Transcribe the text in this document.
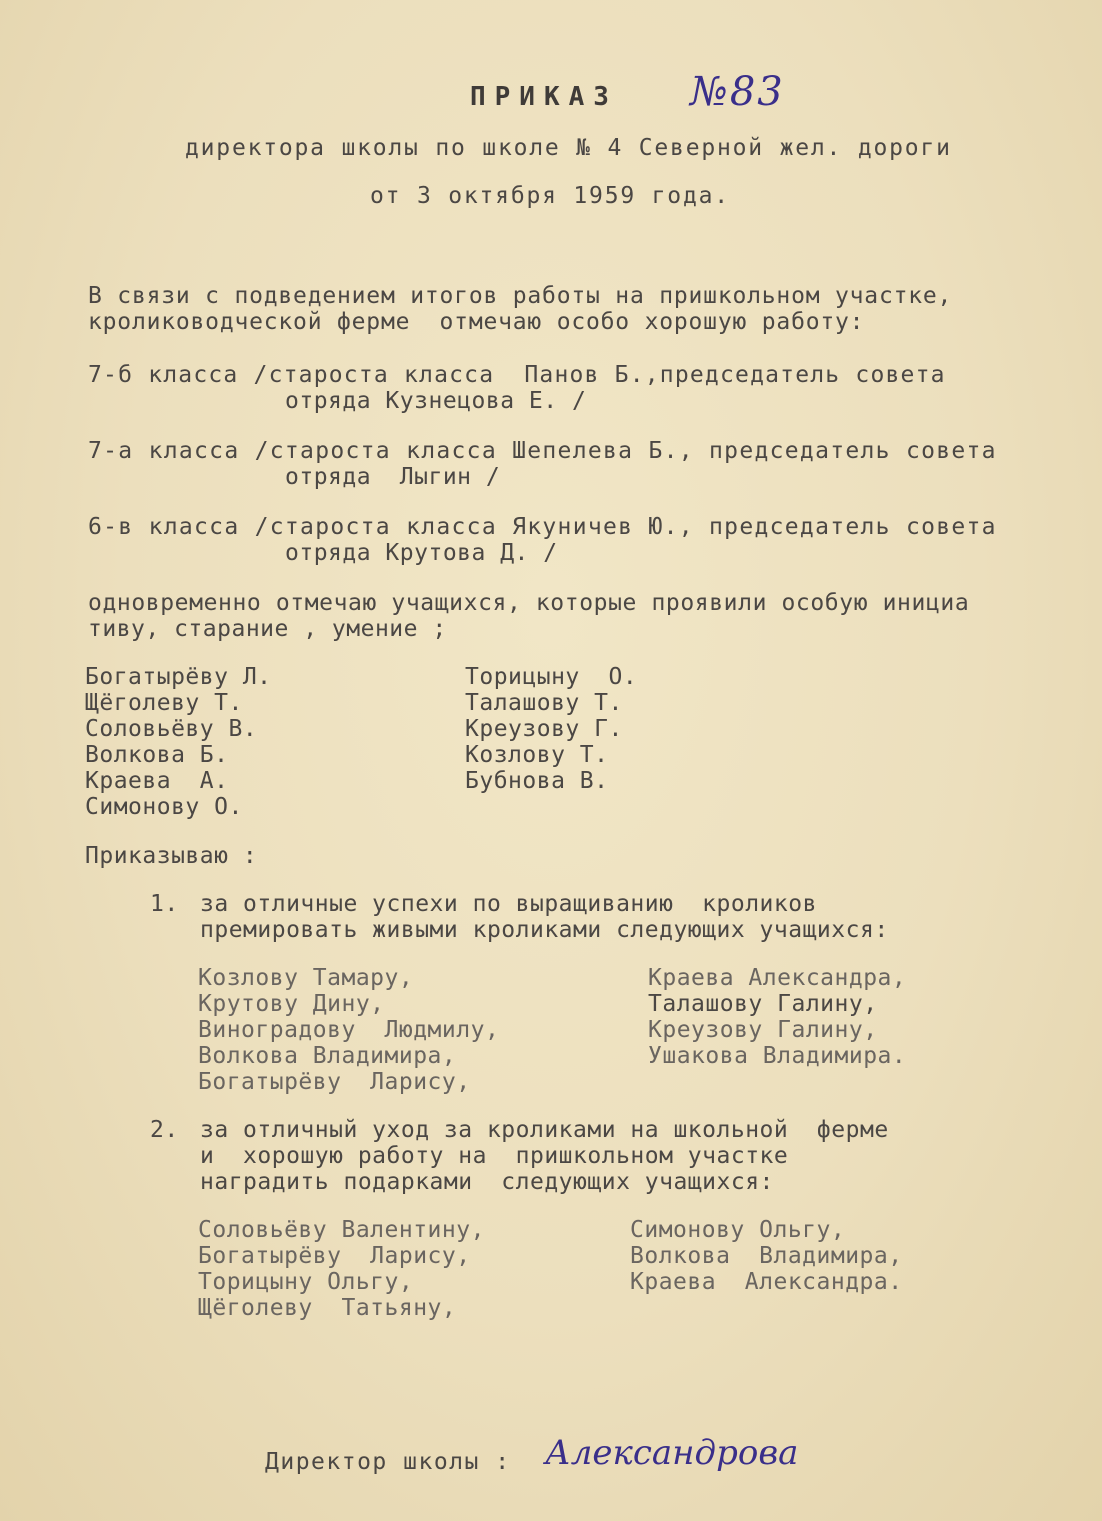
ПРИКАЗ №83
директора школы по школе № 4 Северной жел. дороги
от 3 октября 1959 года.
В связи с подведением итогов работы на пришкольном участке,
кролиководческой ферме  отмечаю особо хорошую работу:
7-б класса /староста класса  Панов Б.,председатель совета
отряда Кузнецова Е. /
7-а класса /староста класса Шепелева Б., председатель совета
отряда  Лыгин /
6-в класса /староста класса Якуничев Ю., председатель совета
отряда Крутова Д. /
одновременно отмечаю учащихся, которые проявили особую инициа
тиву, старание , умение ;
Богатырёву Л.
Щёголеву Т.
Соловьёву В.
Волкова Б.
Краева  А.
Симонову О.
Торицыну  О.
Талашову Т.
Креузову Г.
Козлову Т.
Бубнова В.
Приказываю :
1. за отличные успехи по выращиванию  кроликов
премировать живыми кроликами следующих учащихся:
Козлову Тамару,
Крутову Дину,
Виноградову  Людмилу,
Волкова Владимира,
Богатырёву  Ларису,
Краева Александра,
Талашову Галину,
Креузову Галину,
Ушакова Владимира.
2. за отличный уход за кроликами на школьной  ферме
и  хорошую работу на  пришкольном участке
наградить подарками  следующих учащихся:
Соловьёву Валентину,
Богатырёву  Ларису,
Торицыну Ольгу,
Щёголеву  Татьяну,
Симонову Ольгу,
Волкова  Владимира,
Краева  Александра.
Директор школы : Александрова
